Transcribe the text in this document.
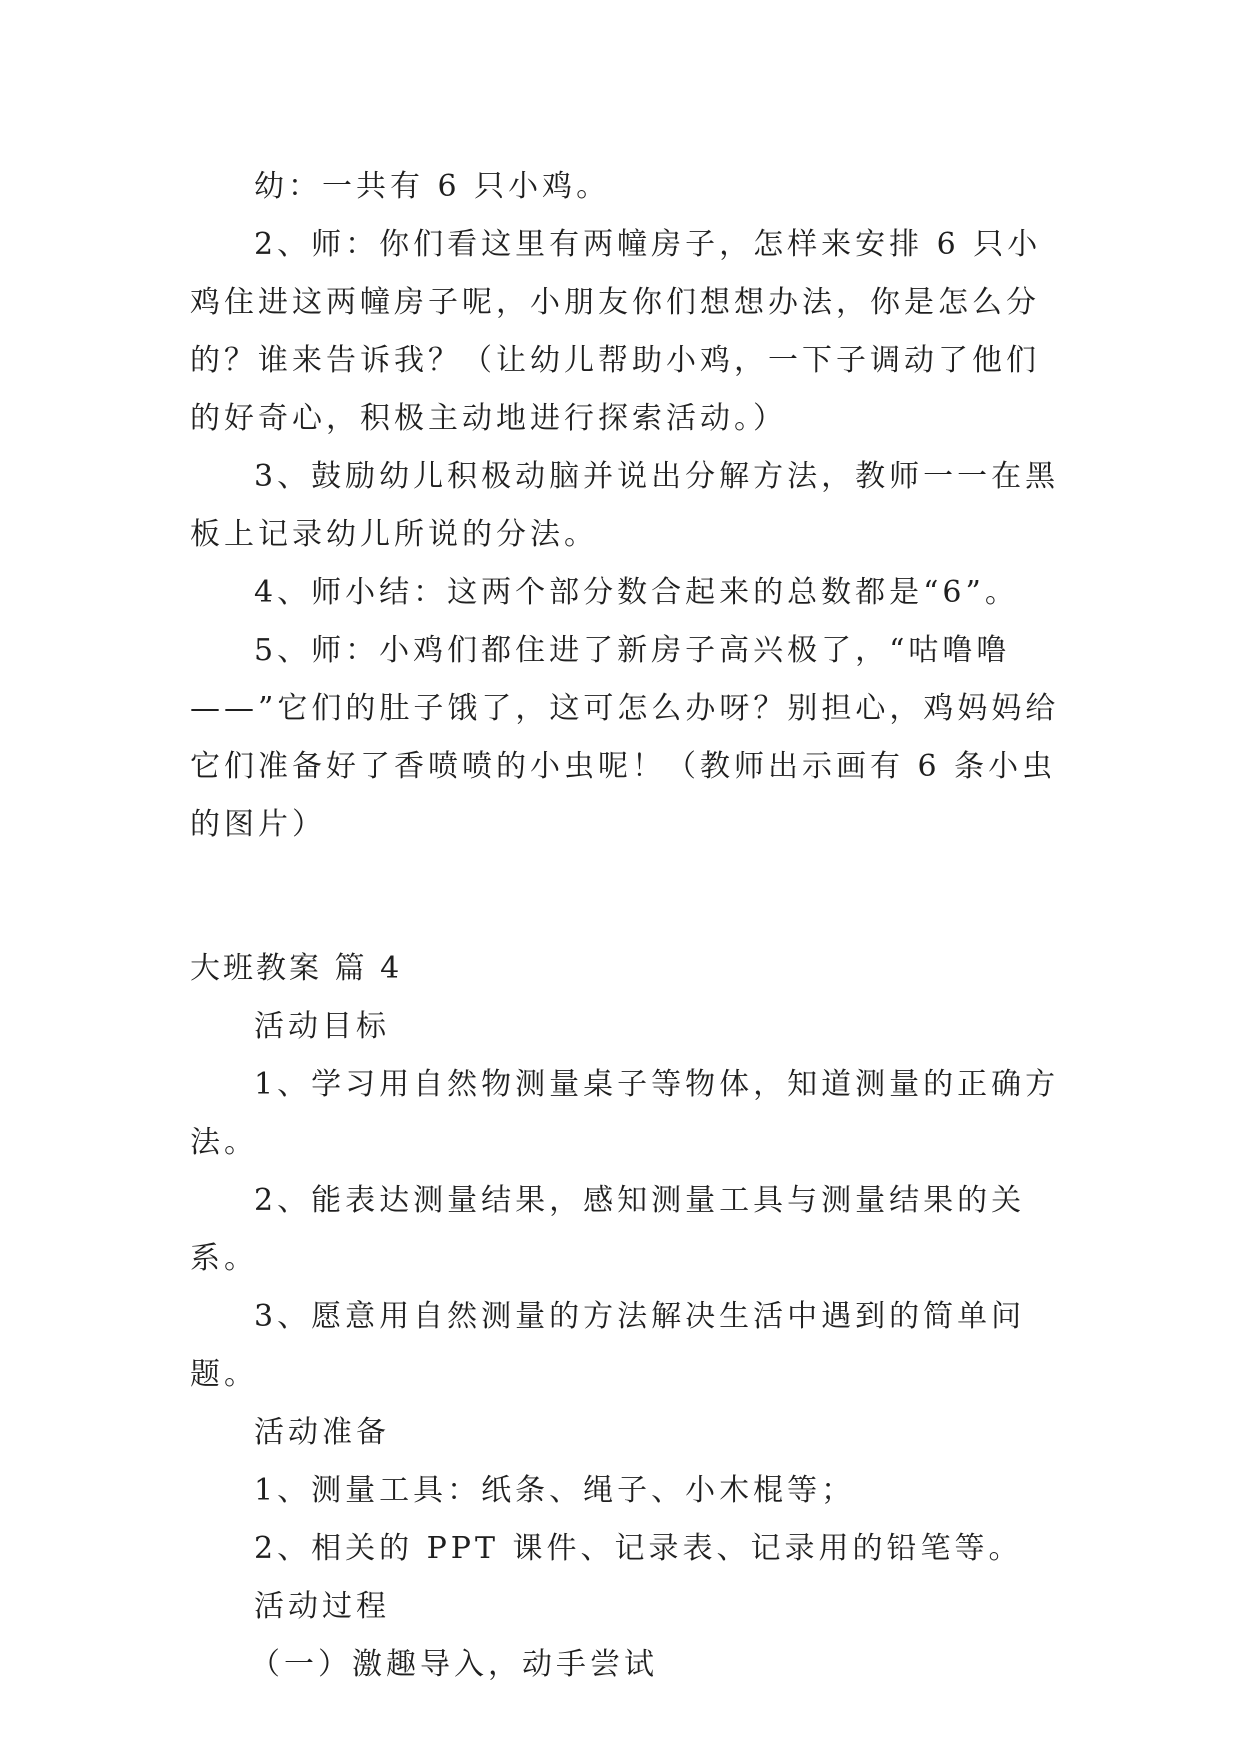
幼：一共有 6 只小鸡。

2、师：你们看这里有两幢房子，怎样来安排 6 只小鸡住进这两幢房子呢，小朋友你们想想办法，你是怎么分的？谁来告诉我？（让幼儿帮助小鸡，一下子调动了他们的好奇心，积极主动地进行探索活动。）

3、鼓励幼儿积极动脑并说出分解方法，教师一一在黑板上记录幼儿所说的分法。

4、师小结：这两个部分数合起来的总数都是“6”。

5、师：小鸡们都住进了新房子高兴极了，“咕噜噜——”它们的肚子饿了，这可怎么办呀？别担心，鸡妈妈给它们准备好了香喷喷的小虫呢！（教师出示画有 6 条小虫的图片）

大班教案 篇 4

活动目标

1、学习用自然物测量桌子等物体，知道测量的正确方法。

2、能表达测量结果，感知测量工具与测量结果的关系。

3、愿意用自然测量的方法解决生活中遇到的简单问题。

活动准备

1、测量工具：纸条、绳子、小木棍等；

2、相关的 PPT 课件、记录表、记录用的铅笔等。

活动过程

（一）激趣导入，动手尝试
